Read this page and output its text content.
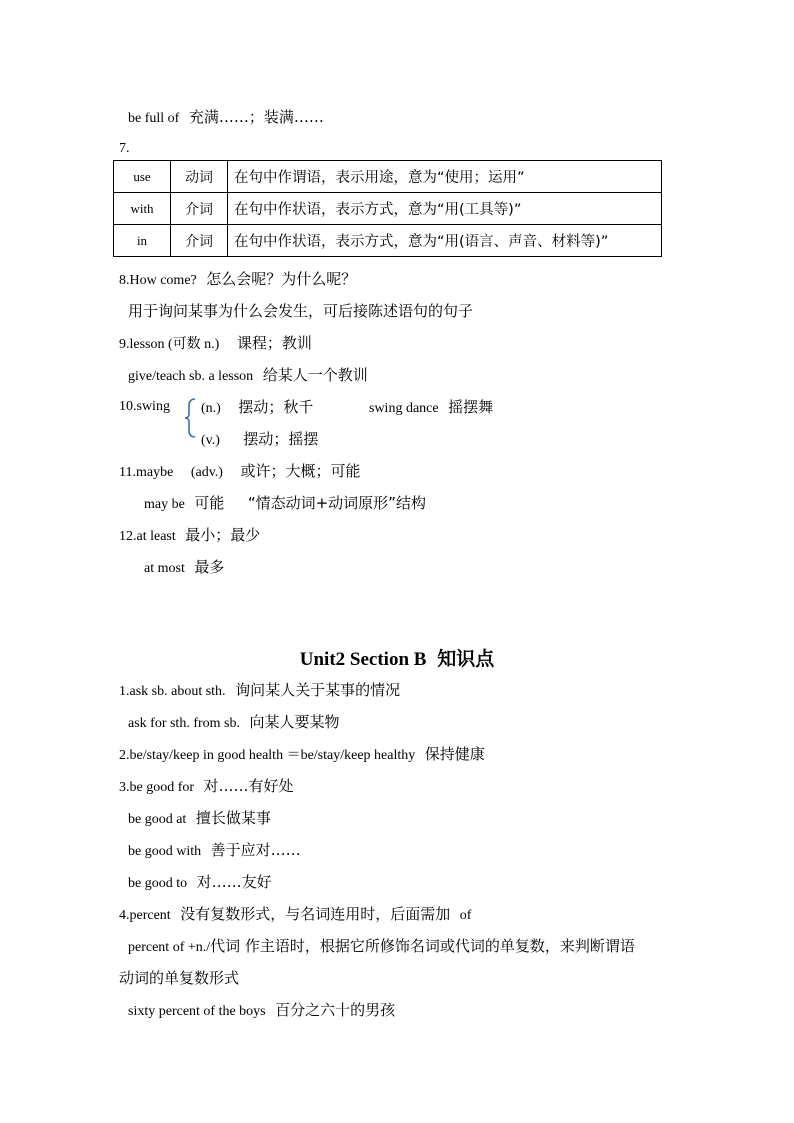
be full of 充满……；装满……
7.
use	动词	在句中作谓语，表示用途，意为“使用；运用”
with	介词	在句中作状语，表示方式，意为“用(工具等)”
in	介词	在句中作状语，表示方式，意为“用(语言、声音、材料等)”
8.How come? 怎么会呢？为什么呢？
用于询问某事为什么会发生，可后接陈述语句的句子
9.lesson (可数 n.) 课程；教训
give/teach sb. a lesson 给某人一个教训
10.swing (n.) 摆动；秋千	swing dance 摇摆舞
(v.) 摆动；摇摆
11.maybe (adv.) 或许；大概；可能
may be 可能 “情态动词+动词原形”结构
12.at least 最小；最少
at most 最多
Unit2 Section B 知识点
1.ask sb. about sth. 询问某人关于某事的情况
ask for sth. from sb. 向某人要某物
2.be/stay/keep in good health ＝be/stay/keep healthy 保持健康
3.be good for 对……有好处
be good at 擅长做某事
be good with 善于应对……
be good to 对……友好
4.percent 没有复数形式，与名词连用时，后面需加 of
percent of +n./代词 作主语时，根据它所修饰名词或代词的单复数，来判断谓语
动词的单复数形式
sixty percent of the boys 百分之六十的男孩
